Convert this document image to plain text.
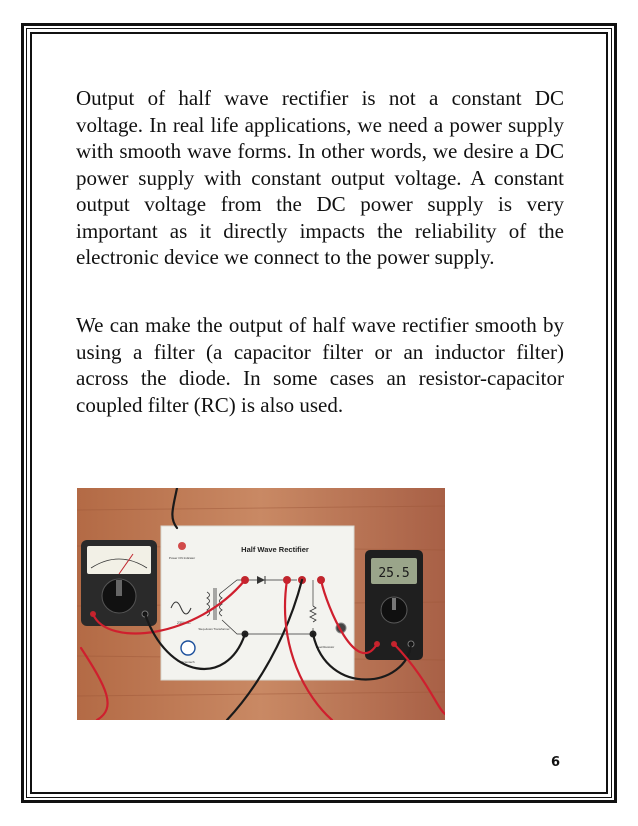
Output of half wave rectifier is not a constant DC voltage. In real life applications, we need a power supply with smooth wave forms. In other words, we desire a DC power supply with constant output voltage. A constant output voltage from the DC power supply is very important as it directly impacts the reliability of the electronic device we connect to the power supply.

We can make the output of half wave rectifier smooth by using a filter (a capacitor filter or an inductor filter) across the diode. In some cases an resistor-capacitor coupled filter (RC) is also used.

Half Wave Rectifier
Power ON Indicator
230V AC
Step-down Transformer
Load Resistor
Scientech
25.5
6
